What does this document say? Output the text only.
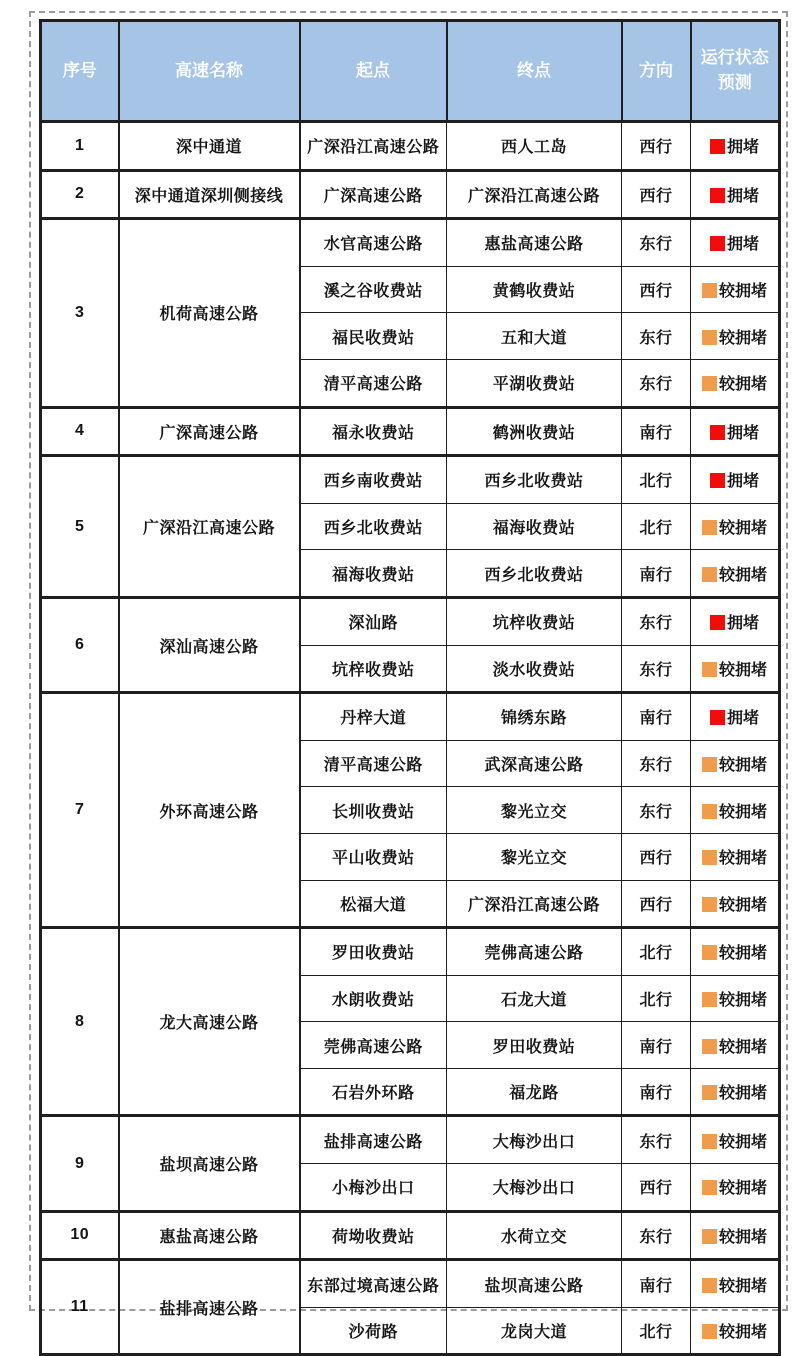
序号	高速名称	起点	终点	方向	运行状态预测
1	深中通道	广深沿江高速公路	西人工岛	西行	拥堵
2	深中通道深圳侧接线	广深高速公路	广深沿江高速公路	西行	拥堵
3	机荷高速公路	水官高速公路	惠盐高速公路	东行	拥堵
		溪之谷收费站	黄鹤收费站	西行	较拥堵
		福民收费站	五和大道	东行	较拥堵
		清平高速公路	平湖收费站	东行	较拥堵
4	广深高速公路	福永收费站	鹤洲收费站	南行	拥堵
5	广深沿江高速公路	西乡南收费站	西乡北收费站	北行	拥堵
		西乡北收费站	福海收费站	北行	较拥堵
		福海收费站	西乡北收费站	南行	较拥堵
6	深汕高速公路	深汕路	坑梓收费站	东行	拥堵
		坑梓收费站	淡水收费站	东行	较拥堵
7	外环高速公路	丹梓大道	锦绣东路	南行	拥堵
		清平高速公路	武深高速公路	东行	较拥堵
		长圳收费站	黎光立交	东行	较拥堵
		平山收费站	黎光立交	西行	较拥堵
		松福大道	广深沿江高速公路	西行	较拥堵
8	龙大高速公路	罗田收费站	莞佛高速公路	北行	较拥堵
		水朗收费站	石龙大道	北行	较拥堵
		莞佛高速公路	罗田收费站	南行	较拥堵
		石岩外环路	福龙路	南行	较拥堵
9	盐坝高速公路	盐排高速公路	大梅沙出口	东行	较拥堵
		小梅沙出口	大梅沙出口	西行	较拥堵
10	惠盐高速公路	荷坳收费站	水荷立交	东行	较拥堵
11	盐排高速公路	东部过境高速公路	盐坝高速公路	南行	较拥堵
		沙荷路	龙岗大道	北行	较拥堵
